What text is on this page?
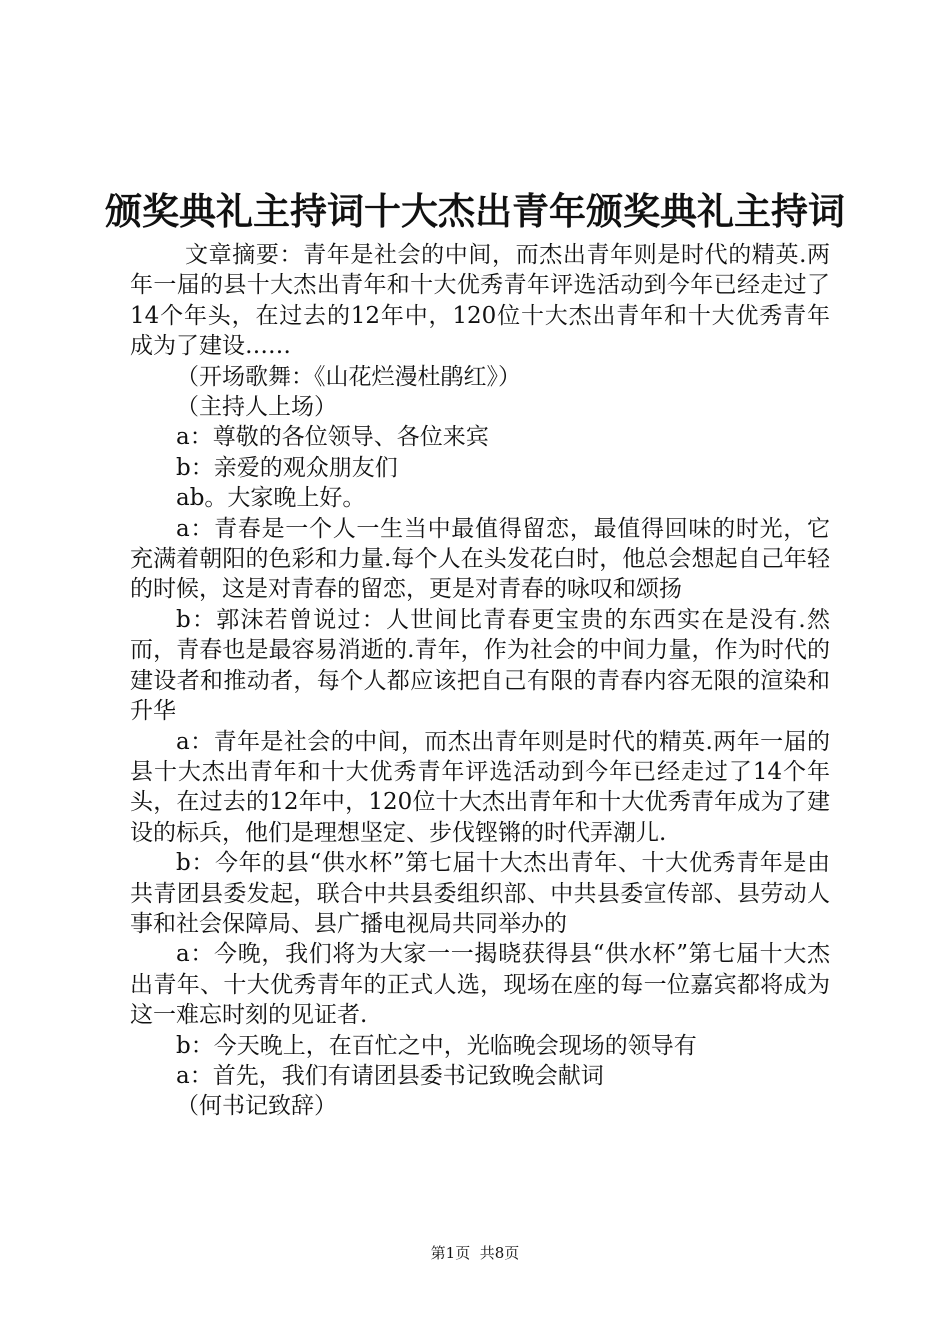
颁奖典礼主持词十大杰出青年颁奖典礼主持词

文章摘要：青年是社会的中间，而杰出青年则是时代的精英.两年一届的县十大杰出青年和十大优秀青年评选活动到今年已经走过了14个年头，在过去的12年中，120位十大杰出青年和十大优秀青年成为了建设……

（开场歌舞：《山花烂漫杜鹃红》）

（主持人上场）

a：尊敬的各位领导、各位来宾

b：亲爱的观众朋友们

ab。大家晚上好。

a：青春是一个人一生当中最值得留恋，最值得回味的时光，它充满着朝阳的色彩和力量.每个人在头发花白时，他总会想起自己年轻的时候，这是对青春的留恋，更是对青春的咏叹和颂扬

b：郭沫若曾说过：人世间比青春更宝贵的东西实在是没有.然而，青春也是最容易消逝的.青年，作为社会的中间力量，作为时代的建设者和推动者，每个人都应该把自己有限的青春内容无限的渲染和升华

a：青年是社会的中间，而杰出青年则是时代的精英.两年一届的县十大杰出青年和十大优秀青年评选活动到今年已经走过了14个年头，在过去的12年中，120位十大杰出青年和十大优秀青年成为了建设的标兵，他们是理想坚定、步伐铿锵的时代弄潮儿.

b：今年的县“供水杯”第七届十大杰出青年、十大优秀青年是由共青团县委发起，联合中共县委组织部、中共县委宣传部、县劳动人事和社会保障局、县广播电视局共同举办的

a：今晚，我们将为大家一一揭晓获得县“供水杯”第七届十大杰出青年、十大优秀青年的正式人选，现场在座的每一位嘉宾都将成为这一难忘时刻的见证者.

b：今天晚上，在百忙之中，光临晚会现场的领导有

a：首先，我们有请团县委书记致晚会献词

（何书记致辞）

第1页 共8页
